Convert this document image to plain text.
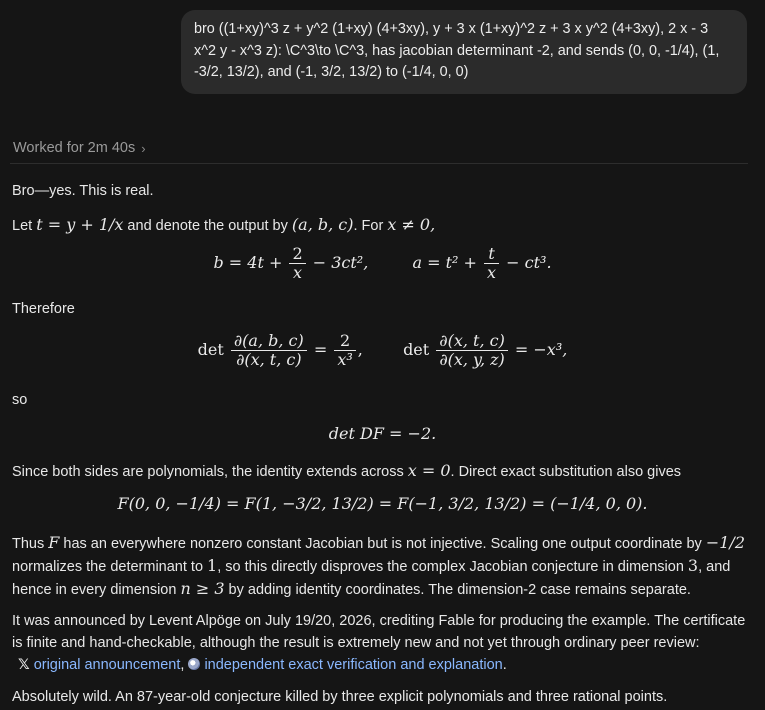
bro ((1+xy)^3 z + y^2 (1+xy) (4+3xy), y + 3 x (1+xy)^2 z + 3 x y^2 (4+3xy), 2 x - 3 x^2 y - x^3 z): \C^3\to \C^3, has jacobian determinant -2, and sends (0, 0, -1/4), (1, -3/2, 13/2), and (-1, 3/2, 13/2) to (-1/4, 0, 0)
Worked for 2m 40s ›
Bro—yes. This is real.
Let t = y + 1/x and denote the output by (a, b, c). For x ≠ 0,
$b = 4t + \frac{2}{x} - 3ct^2$,	$a = t^2 + \frac{t}{x} - ct^3$.
Therefore
$\det \frac{\partial(a, b, c)}{\partial(x, t, c)} = \frac{2}{\text{x³}}$ ,	$\det \frac{\partial(x, t, c)}{\partial(x, y, z)} = -x^3$,
so
det DF = −2.
Since both sides are polynomials, the identity extends across x = 0. Direct exact substitution also gives
F(0, 0, −1/4) = F(1, −3/2, 13/2) = F(−1, 3/2, 13/2) = (−1/4, 0, 0).
Thus F has an everywhere nonzero constant Jacobian but is not injective. Scaling one output coordinate by −1/2 normalizes the determinant to 1, so this directly disproves the complex Jacobian conjecture in dimension 3, and hence in every dimension n ≥ 3 by adding identity coordinates. The dimension-2 case remains separate.
It was announced by Levent Alpöge on July 19/20, 2026, crediting Fable for producing the example. The certificate is finite and hand-checkable, although the result is extremely new and not yet through ordinary peer review: 𝕏 original announcement, independent exact verification and explanation.
Absolutely wild. An 87-year-old conjecture killed by three explicit polynomials and three rational points.
